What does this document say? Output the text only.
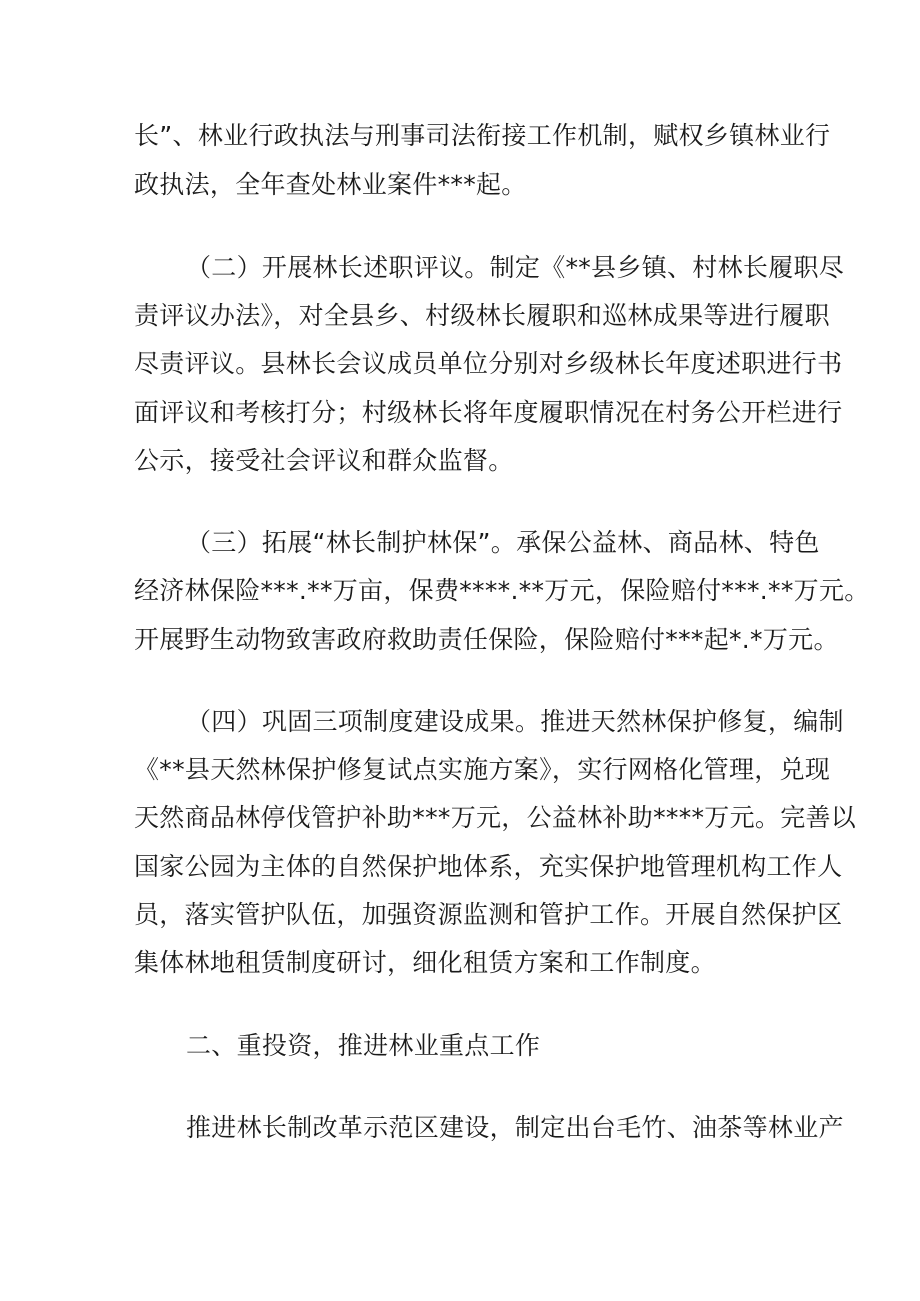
长”、林业行政执法与刑事司法衔接工作机制，赋权乡镇林业行

政执法，全年查处林业案件***起。

（二）开展林长述职评议。制定《**县乡镇、村林长履职尽

责评议办法》，对全县乡、村级林长履职和巡林成果等进行履职

尽责评议。县林长会议成员单位分别对乡级林长年度述职进行书

面评议和考核打分；村级林长将年度履职情况在村务公开栏进行

公示，接受社会评议和群众监督。

（三）拓展“林长制护林保”。承保公益林、商品林、特色

经济林保险***.**万亩，保费****.**万元，保险赔付***.**万元。

开展野生动物致害政府救助责任保险，保险赔付***起*.*万元。

（四）巩固三项制度建设成果。推进天然林保护修复，编制

《**县天然林保护修复试点实施方案》，实行网格化管理，兑现

天然商品林停伐管护补助***万元，公益林补助****万元。完善以

国家公园为主体的自然保护地体系，充实保护地管理机构工作人

员，落实管护队伍，加强资源监测和管护工作。开展自然保护区

集体林地租赁制度研讨，细化租赁方案和工作制度。

二、重投资，推进林业重点工作

推进林长制改革示范区建设，制定出台毛竹、油茶等林业产
